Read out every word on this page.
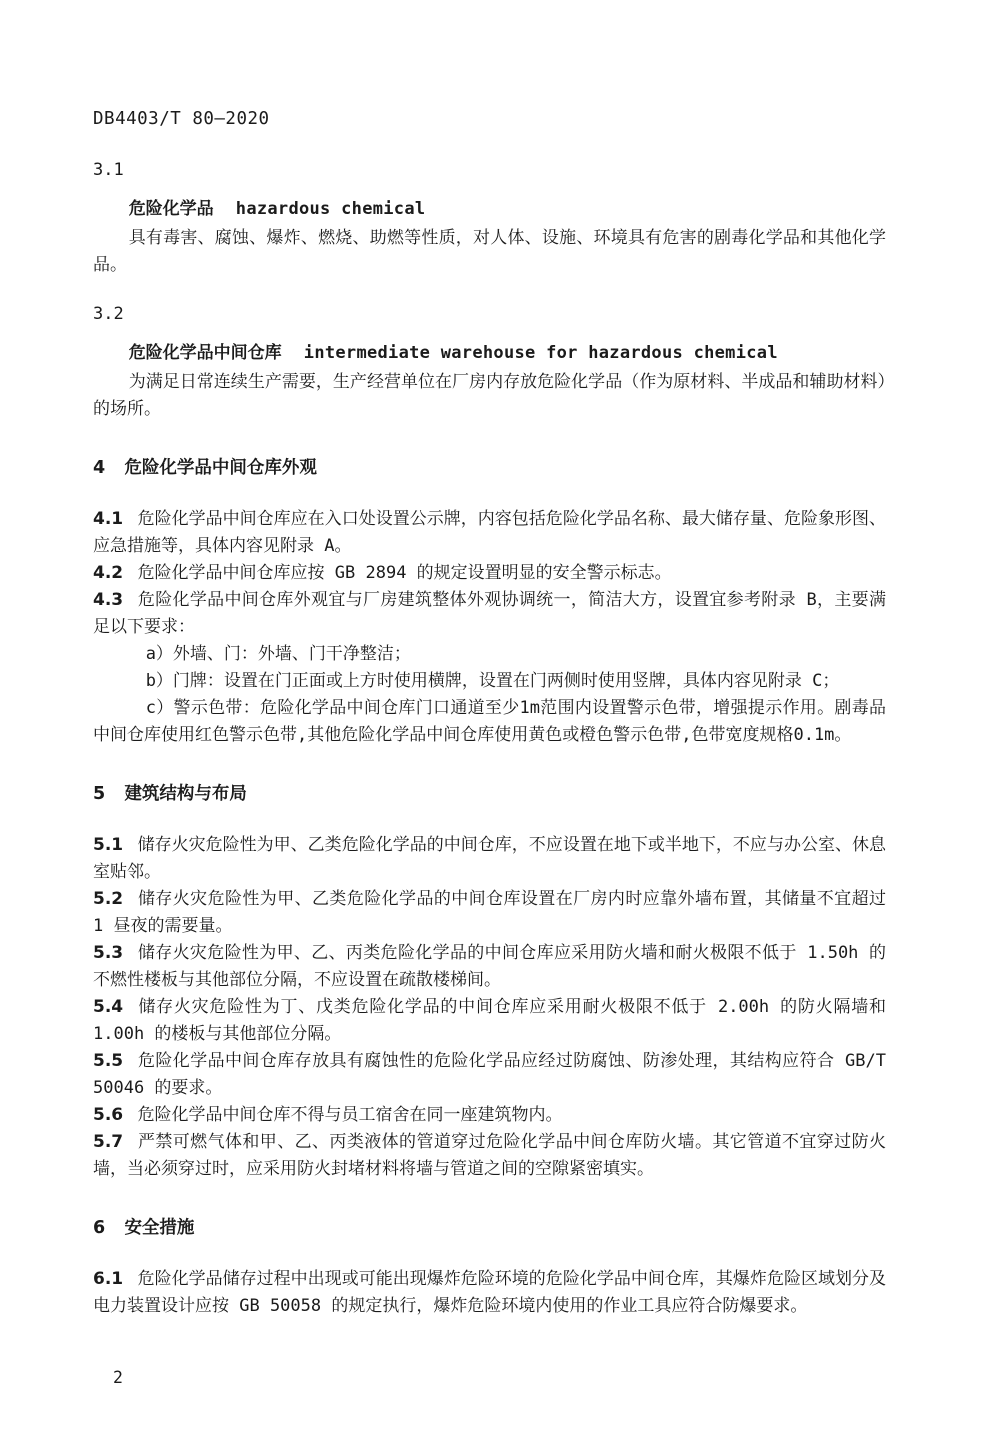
DB4403/T 80—2020

3.1

危险化学品 hazardous chemical

具有毒害、腐蚀、爆炸、燃烧、助燃等性质，对人体、设施、环境具有危害的剧毒化学品和其他化学品。

3.2

危险化学品中间仓库 intermediate warehouse for hazardous chemical

为满足日常连续生产需要，生产经营单位在厂房内存放危险化学品（作为原材料、半成品和辅助材料）的场所。

4 危险化学品中间仓库外观

4.1 危险化学品中间仓库应在入口处设置公示牌，内容包括危险化学品名称、最大储存量、危险象形图、应急措施等，具体内容见附录 A。

4.2 危险化学品中间仓库应按 GB 2894 的规定设置明显的安全警示标志。

4.3 危险化学品中间仓库外观宜与厂房建筑整体外观协调统一，简洁大方，设置宜参考附录 B，主要满足以下要求：

a）外墙、门：外墙、门干净整洁；

b）门牌：设置在门正面或上方时使用横牌，设置在门两侧时使用竖牌，具体内容见附录 C；

c）警示色带：危险化学品中间仓库门口通道至少1m范围内设置警示色带，增强提示作用。剧毒品中间仓库使用红色警示色带,其他危险化学品中间仓库使用黄色或橙色警示色带,色带宽度规格0.1m。

5 建筑结构与布局

5.1 储存火灾危险性为甲、乙类危险化学品的中间仓库，不应设置在地下或半地下，不应与办公室、休息室贴邻。

5.2 储存火灾危险性为甲、乙类危险化学品的中间仓库设置在厂房内时应靠外墙布置，其储量不宜超过 1 昼夜的需要量。

5.3 储存火灾危险性为甲、乙、丙类危险化学品的中间仓库应采用防火墙和耐火极限不低于 1.50h 的不燃性楼板与其他部位分隔，不应设置在疏散楼梯间。

5.4 储存火灾危险性为丁、戊类危险化学品的中间仓库应采用耐火极限不低于 2.00h 的防火隔墙和 1.00h 的楼板与其他部位分隔。

5.5 危险化学品中间仓库存放具有腐蚀性的危险化学品应经过防腐蚀、防渗处理，其结构应符合 GB/T 50046 的要求。

5.6 危险化学品中间仓库不得与员工宿舍在同一座建筑物内。

5.7 严禁可燃气体和甲、乙、丙类液体的管道穿过危险化学品中间仓库防火墙。其它管道不宜穿过防火墙，当必须穿过时，应采用防火封堵材料将墙与管道之间的空隙紧密填实。

6 安全措施

6.1 危险化学品储存过程中出现或可能出现爆炸危险环境的危险化学品中间仓库，其爆炸危险区域划分及电力装置设计应按 GB 50058 的规定执行，爆炸危险环境内使用的作业工具应符合防爆要求。

2
